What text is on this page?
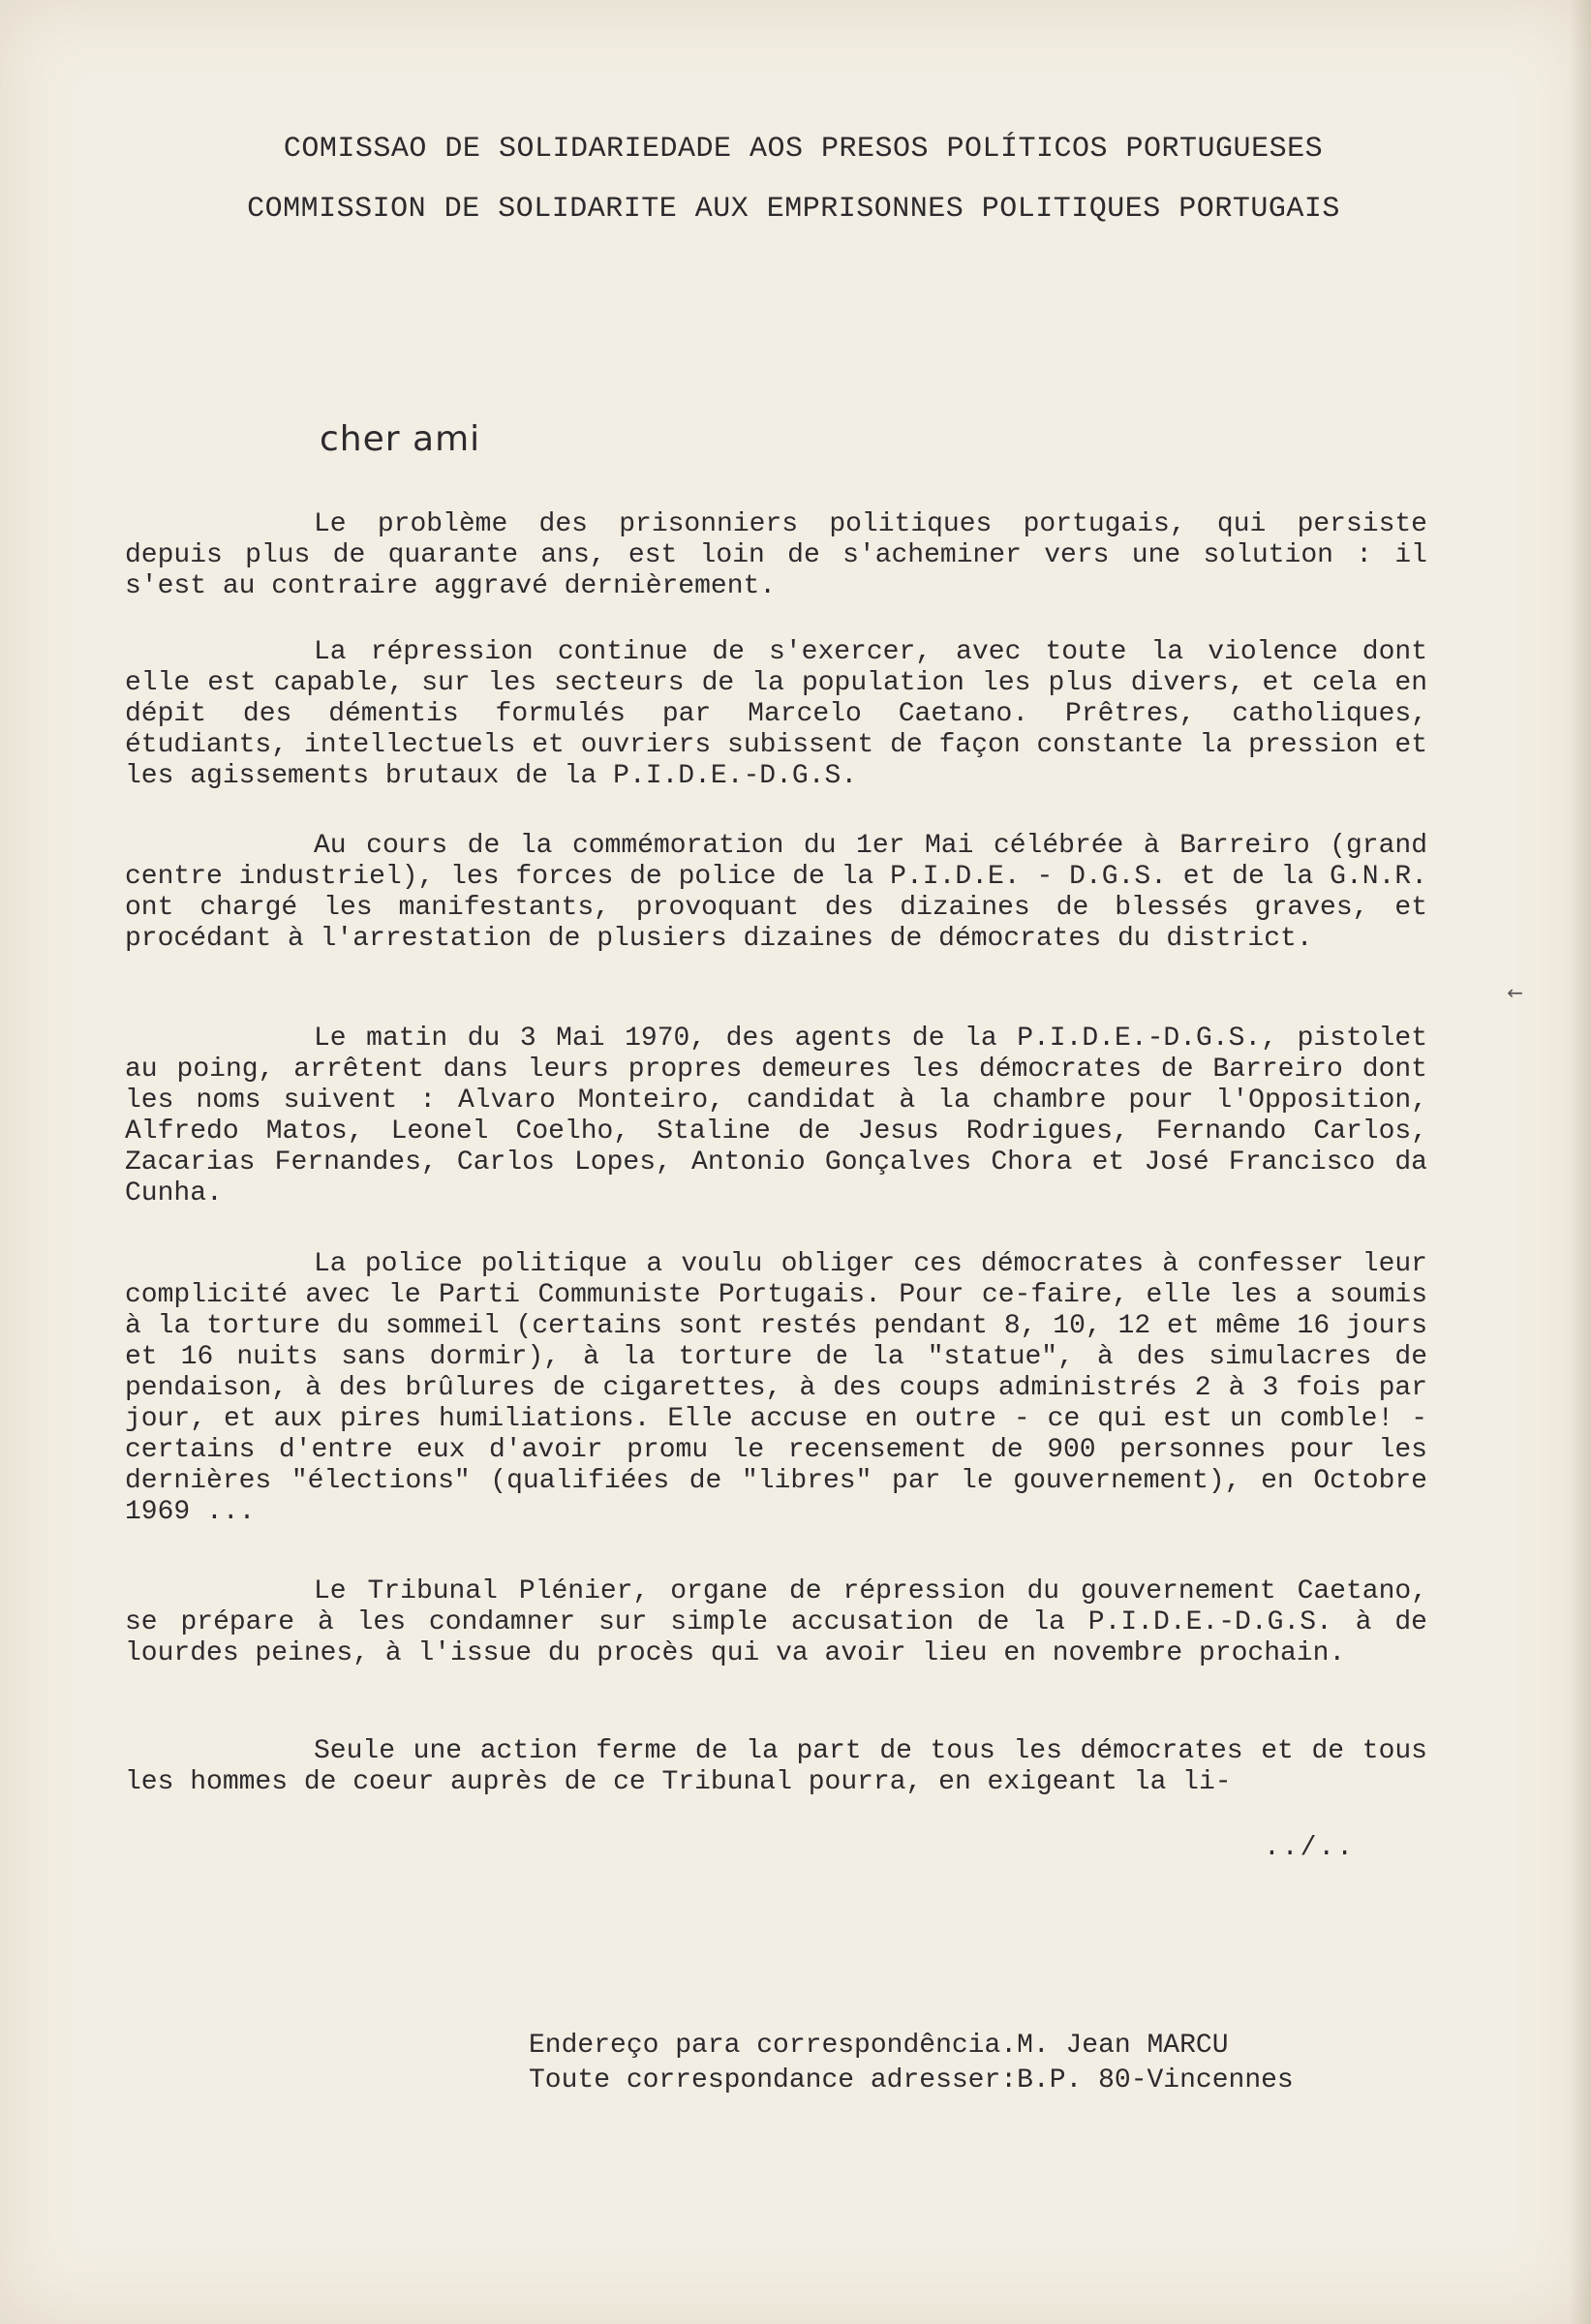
COMISSAO DE SOLIDARIEDADE AOS PRESOS POLÍTICOS PORTUGUESES
COMMISSION DE SOLIDARITE AUX EMPRISONNES POLITIQUES PORTUGAIS
cher ami

Le problème des prisonniers politiques portugais, qui persiste depuis plus de quarante ans, est loin de s'acheminer vers une solution : il s'est au contraire aggravé dernièrement.

La répression continue de s'exercer, avec toute la violence dont elle est capable, sur les secteurs de la population les plus divers, et cela en dépit des démentis formulés par Marcelo Caetano. Prêtres, catholiques, étudiants, intellectuels et ouvriers subissent de façon constante la pression et les agissements brutaux de la P.I.D.E.-D.G.S.

Au cours de la commémoration du 1er Mai célébrée à Barreiro (grand centre industriel), les forces de police de la P.I.D.E. - D.G.S. et de la G.N.R. ont chargé les manifestants, provoquant des dizaines de blessés graves, et procédant à l'arrestation de plusiers dizaines de démocrates du district.

Le matin du 3 Mai 1970, des agents de la P.I.D.E.-D.G.S., pistolet au poing, arrêtent dans leurs propres demeures les démocrates de Barreiro dont les noms suivent : Alvaro Monteiro, candidat à la chambre pour l'Opposition, Alfredo Matos, Leonel Coelho, Staline de Jesus Rodrigues, Fernando Carlos, Zacarias Fernandes, Carlos Lopes, Antonio Gonçalves Chora et José Francisco da Cunha.

La police politique a voulu obliger ces démocrates à confesser leur complicité avec le Parti Communiste Portugais. Pour ce-faire, elle les a soumis à la torture du sommeil (certains sont restés pendant 8, 10, 12 et même 16 jours et 16 nuits sans dormir), à la torture de la "statue", à des simulacres de pendaison, à des brûlures de cigarettes, à des coups administrés 2 à 3 fois par jour, et aux pires humiliations. Elle accuse en outre - ce qui est un comble! - certains d'entre eux d'avoir promu le recensement de 900 personnes pour les dernières "élections" (qualifiées de "libres" par le gouvernement), en Octobre 1969 ...

Le Tribunal Plénier, organe de répression du gouvernement Caetano, se prépare à les condamner sur simple accusation de la P.I.D.E.-D.G.S. à de lourdes peines, à l'issue du procès qui va avoir lieu en novembre prochain.

Seule une action ferme de la part de tous les démocrates et de tous les hommes de coeur auprès de ce Tribunal pourra, en exigeant la li-

../..
←
Endereço para correspondência.M. Jean MARCU
Toute correspondance adresser:B.P. 80-Vincennes
